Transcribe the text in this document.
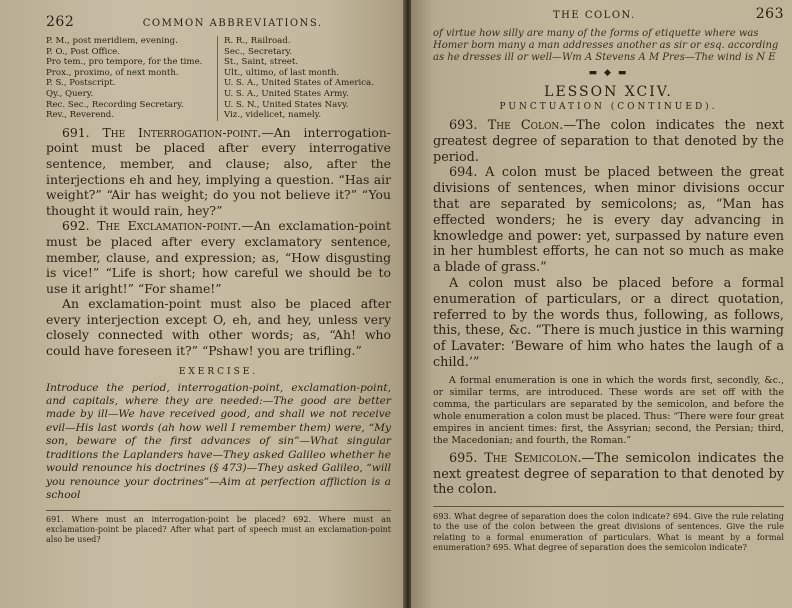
262	COMMON ABBREVIATIONS.
P. M., post meridiem, evening.
P. O., Post Office.
Pro tem., pro tempore, for the time.
Prox., proximo, of next month.
P. S., Postscript.
Qy., Query.
Rec. Sec., Recording Secretary.
Rev., Reverend.
R. R., Railroad.
Sec., Secretary.
St., Saint, street.
Ult., ultimo, of last month.
U. S. A., United States of America.
U. S. A., United States Army.
U. S. N., United States Navy.
Viz., videlicet, namely.

691. The Interrogation-point.—An interrogation-point must be placed after every interrogative sentence, member, and clause; also, after the interjections eh and hey, implying a question. “Has air weight?” “Air has weight; do you not believe it?” “You thought it would rain, hey?”

692. The Exclamation-point.—An exclamation-point must be placed after every exclamatory sentence, member, clause, and expression; as, “How disgusting is vice!” “Life is short; how careful we should be to use it aright!” “For shame!”

An exclamation-point must also be placed after every interjection except O, eh, and hey, unless very closely connected with other words; as, “Ah! who could have foreseen it?” “Pshaw! you are trifling.”

EXERCISE.
Introduce the period, interrogation-point, exclamation-point, and capitals, where they are needed:—The good are better made by ill—We have received good, and shall we not receive evil—His last words (ah how well I remember them) were, “My son, beware of the first advances of sin”—What singular traditions the Laplanders have—They asked Galileo whether he would renounce his doctrines (§ 473)—They asked Galileo, “will you renounce your doctrines”—Aim at perfection affliction is a school
691. Where must an interrogation-point be placed? 692. Where must an exclamation-point be placed? After what part of speech must an exclamation-point also be used?
THE COLON.	263
of virtue how silly are many of the forms of etiquette where was Homer born many a man addresses another as sir or esq. according as he dresses ill or well—Wm A Stevens A M Pres—The wind is N E
▬ ◆ ▬
LESSON XCIV.
PUNCTUATION (CONTINUED).

693. The Colon.—The colon indicates the next greatest degree of separation to that denoted by the period.

694. A colon must be placed between the great divisions of sentences, when minor divisions occur that are separated by semicolons; as, “Man has effected wonders; he is every day advancing in knowledge and power: yet, surpassed by nature even in her humblest efforts, he can not so much as make a blade of grass.”

A colon must also be placed before a formal enumeration of particulars, or a direct quotation, referred to by the words thus, following, as follows, this, these, &c. “There is much justice in this warning of Lavater: ‘Beware of him who hates the laugh of a child.’”

A formal enumeration is one in which the words first, secondly, &c., or similar terms, are introduced. These words are set off with the comma, the particulars are separated by the semicolon, and before the whole enumeration a colon must be placed. Thus: “There were four great empires in ancient times: first, the Assyrian; second, the Persian; third, the Macedonian; and fourth, the Roman.”

695. The Semicolon.—The semicolon indicates the next greatest degree of separation to that denoted by the colon.

693. What degree of separation does the colon indicate? 694. Give the rule relating to the use of the colon between the great divisions of sentences. Give the rule relating to a formal enumeration of particulars. What is meant by a formal enumeration? 695. What degree of separation does the semicolon indicate?
